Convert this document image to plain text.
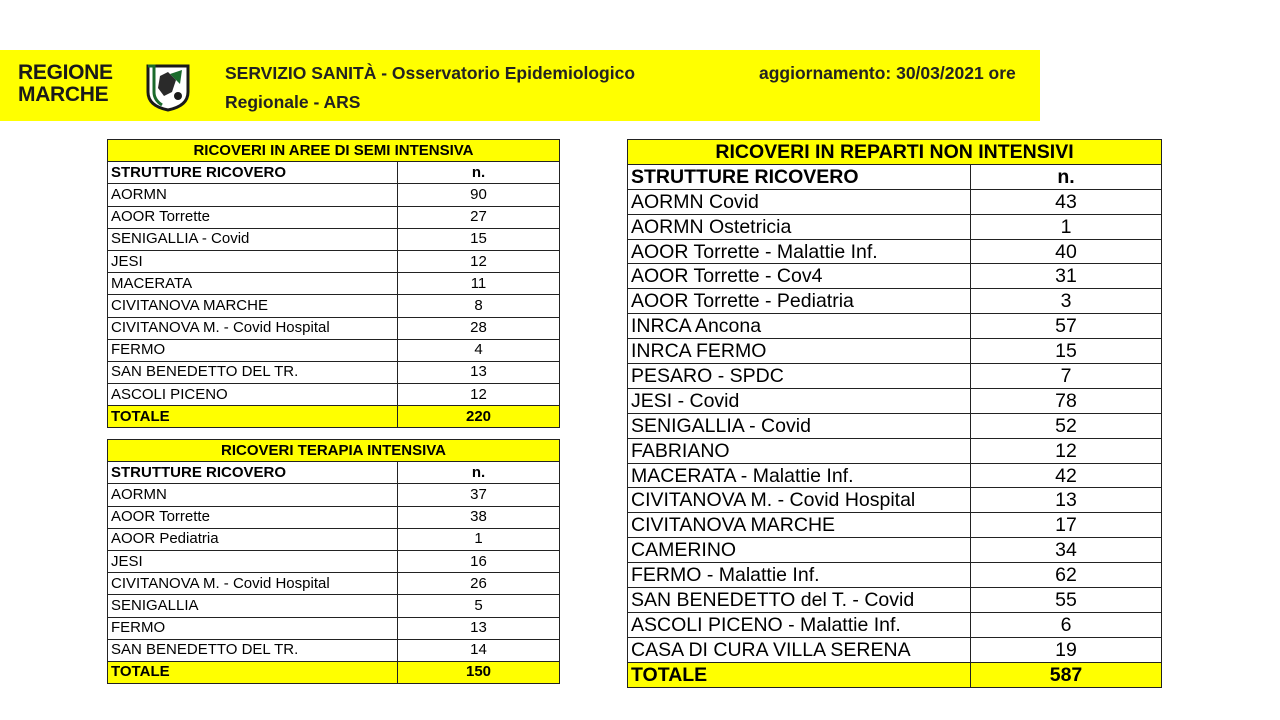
REGIONE
MARCHE
SERVIZIO SANITÀ - Osservatorio Epidemiologico
Regionale - ARS
aggiornamento: 30/03/2021 ore
RICOVERI IN AREE DI SEMI INTENSIVA	
STRUTTURE RICOVERO	n.
AORMN	90
AOOR Torrette	27
SENIGALLIA - Covid	15
JESI	12
MACERATA	11
CIVITANOVA MARCHE	8
CIVITANOVA M. - Covid Hospital	28
FERMO	4
SAN BENEDETTO DEL TR.	13
ASCOLI PICENO	12
TOTALE	220
RICOVERI TERAPIA INTENSIVA	
STRUTTURE RICOVERO	n.
AORMN	37
AOOR Torrette	38
AOOR Pediatria	1
JESI	16
CIVITANOVA M. - Covid Hospital	26
SENIGALLIA	5
FERMO	13
SAN BENEDETTO DEL TR.	14
TOTALE	150
RICOVERI IN REPARTI NON INTENSIVI	
STRUTTURE RICOVERO	n.
AORMN Covid	43
AORMN Ostetricia	1
AOOR Torrette - Malattie Inf.	40
AOOR Torrette - Cov4	31
AOOR Torrette - Pediatria	3
INRCA Ancona	57
INRCA FERMO	15
PESARO - SPDC	7
JESI - Covid	78
SENIGALLIA - Covid	52
FABRIANO	12
MACERATA - Malattie Inf.	42
CIVITANOVA M. - Covid Hospital	13
CIVITANOVA MARCHE	17
CAMERINO	34
FERMO - Malattie Inf.	62
SAN BENEDETTO del T. - Covid	55
ASCOLI PICENO - Malattie Inf.	6
CASA DI CURA VILLA SERENA	19
TOTALE	587
